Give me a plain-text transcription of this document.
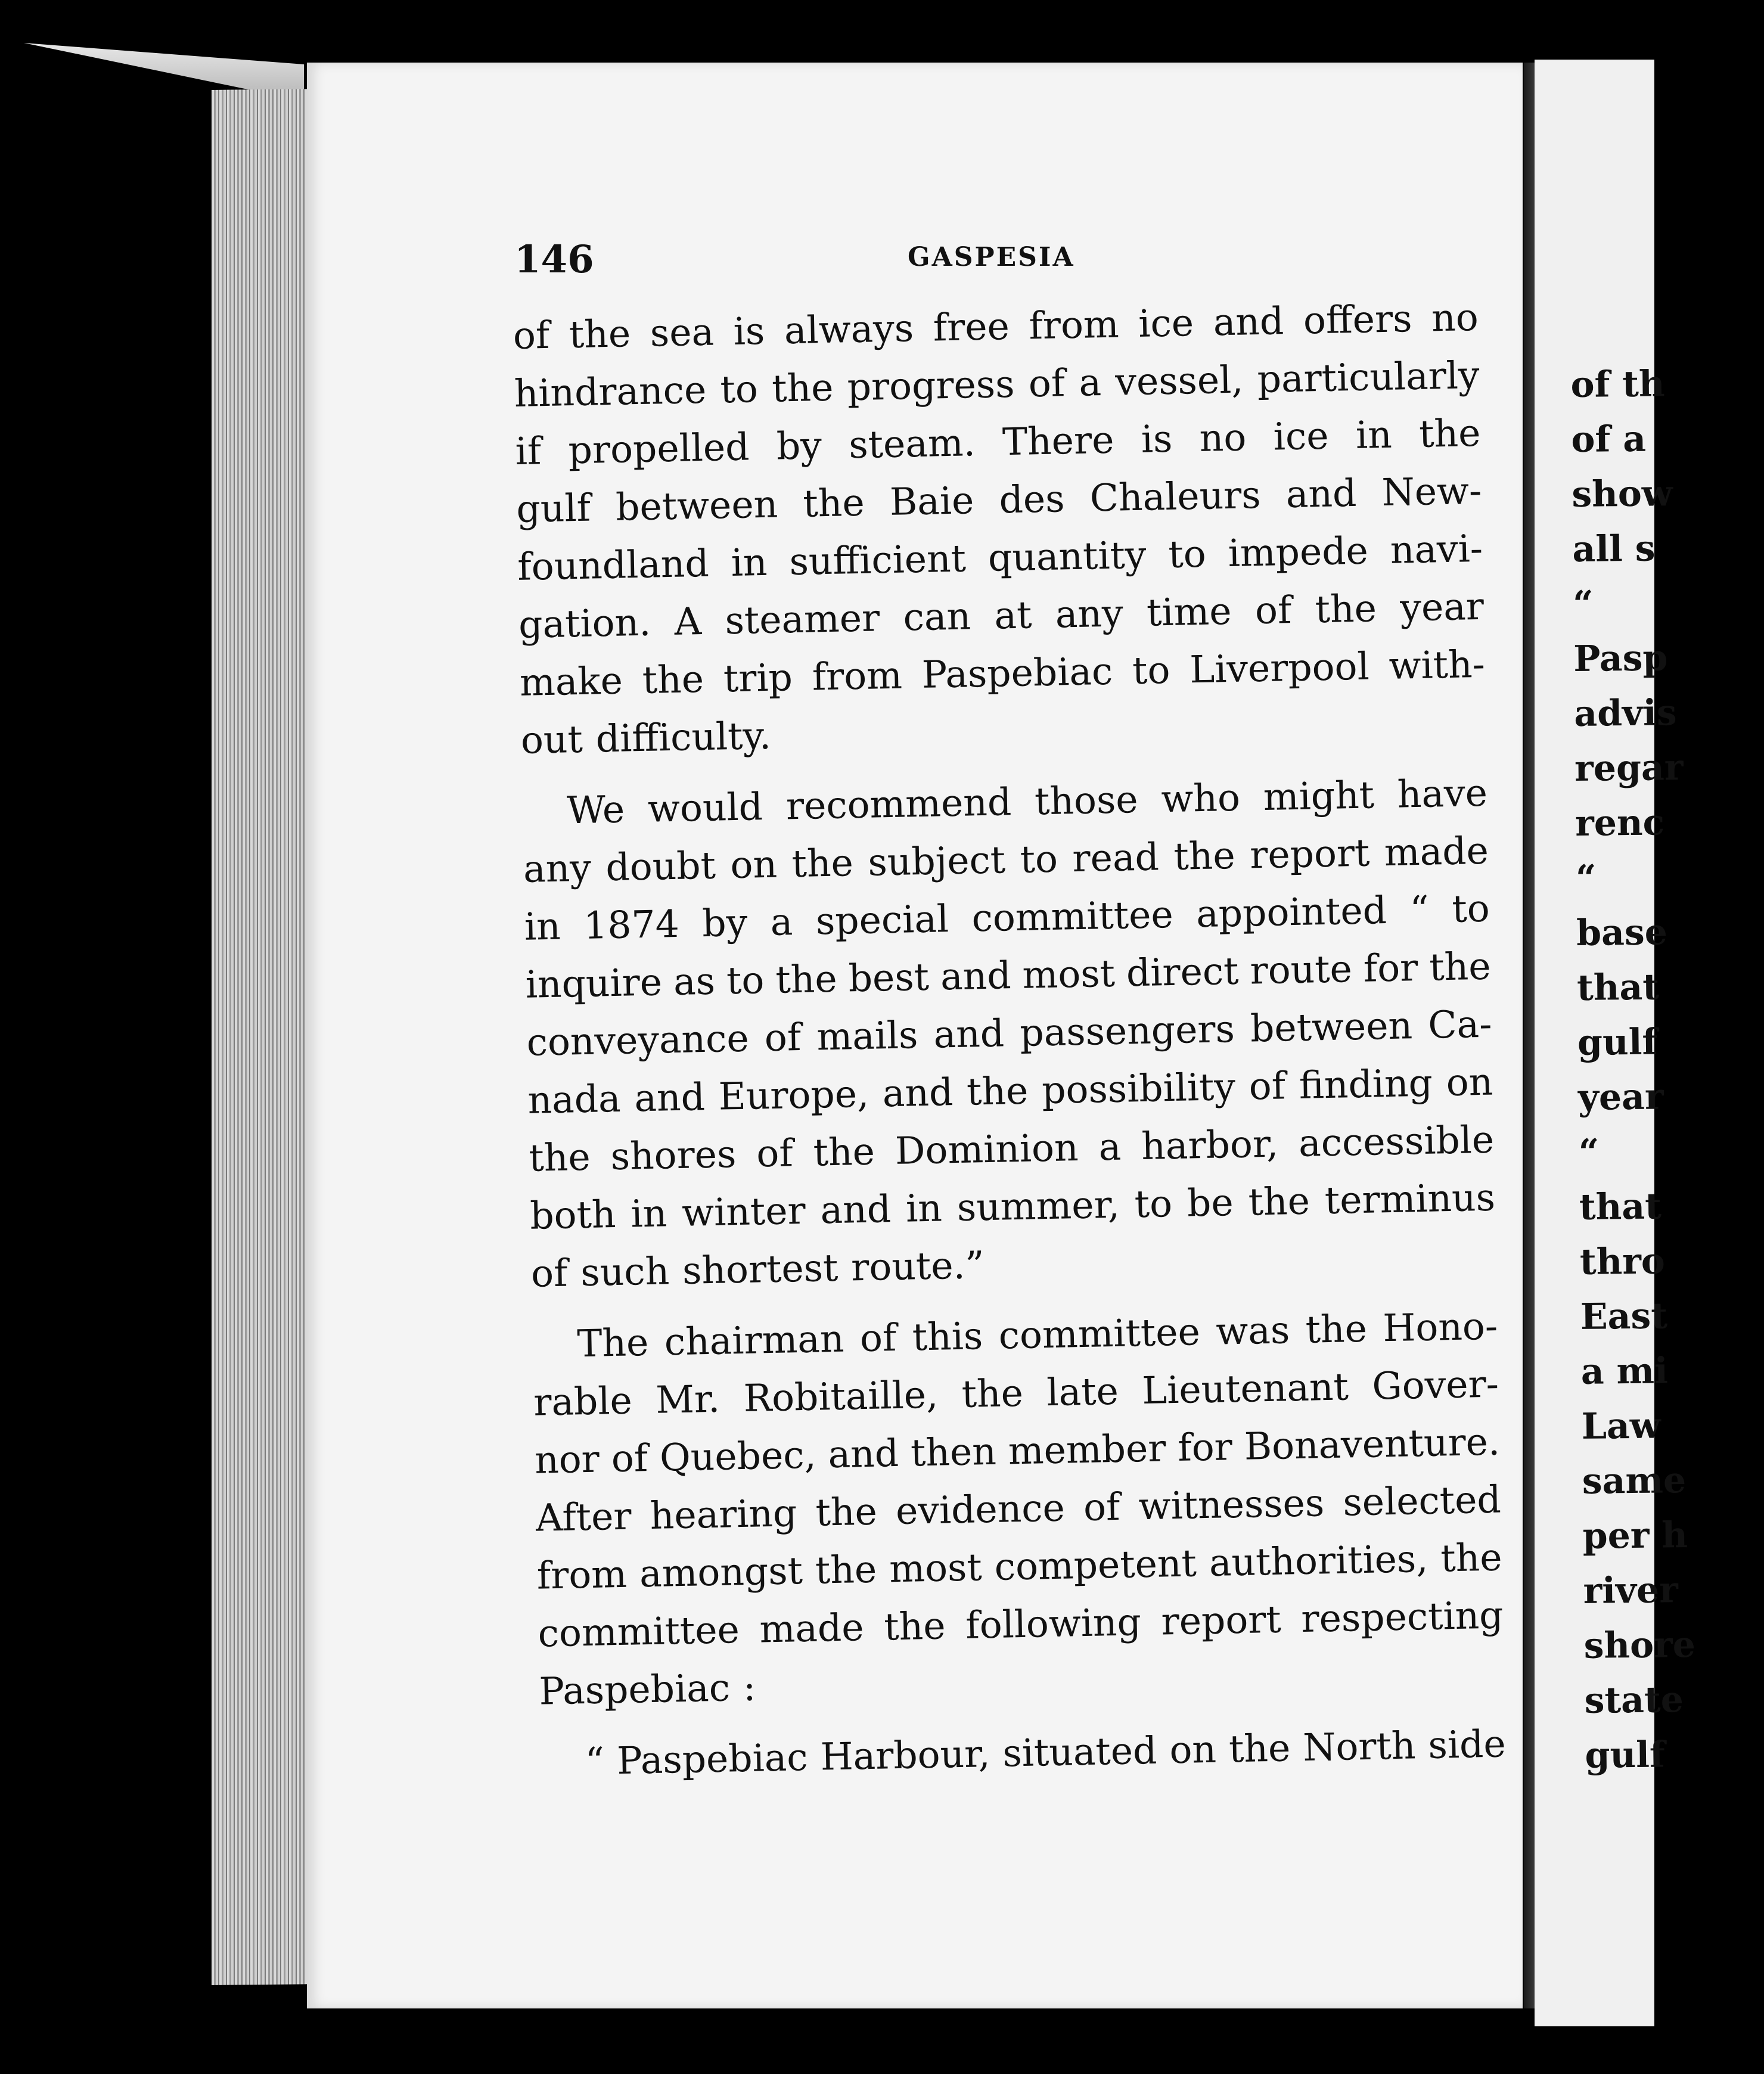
of th
of a
show
all s
“
Pasp
advis
regar
renc
“
base
that
gulf
year
“
that
thro
East
a mi
Law
same
per h
river
shore
state
gulf
146	GASPESIA
of the sea is always free from ice and offers no
hindrance to the progress of a vessel, particularly
if propelled by steam. There is no ice in the
gulf between the Baie des Chaleurs and New-
foundland in sufficient quantity to impede navi-
gation. A steamer can at any time of the year
make the trip from Paspebiac to Liverpool with-
out difficulty.
We would recommend those who might have
any doubt on the subject to read the report made
in 1874 by a special committee appointed “ to
inquire as to the best and most direct route for the
conveyance of mails and passengers between Ca-
nada and Europe, and the possibility of finding on
the shores of the Dominion a harbor, accessible
both in winter and in summer, to be the terminus
of such shortest route.”
The chairman of this committee was the Hono-
rable Mr. Robitaille, the late Lieutenant Gover-
nor of Quebec, and then member for Bonaventure.
After hearing the evidence of witnesses selected
from amongst the most competent authorities, the
committee made the following report respecting
Paspebiac :
“ Paspebiac Harbour, situated on the North side
